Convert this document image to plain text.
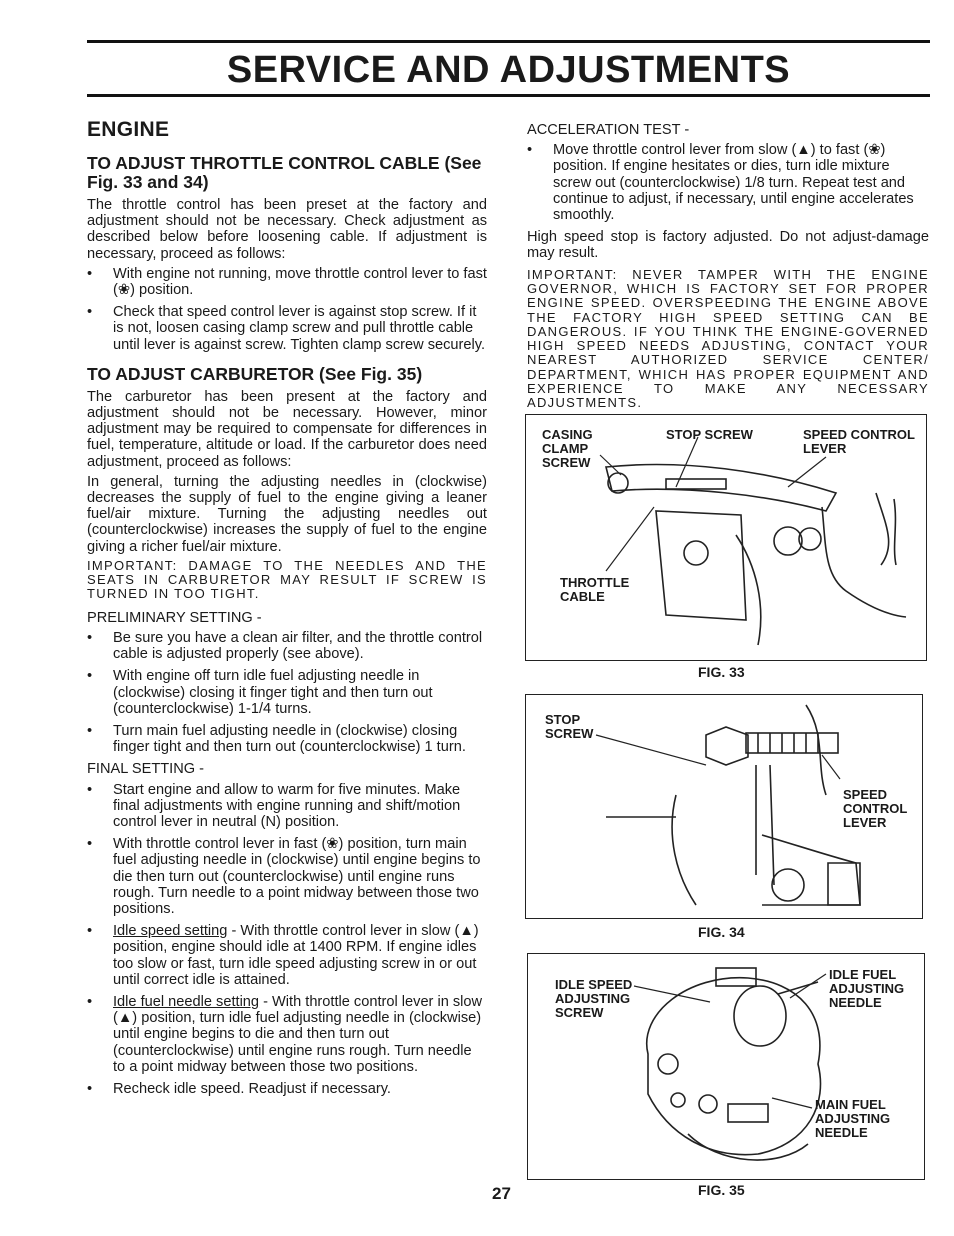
SERVICE AND ADJUSTMENTS
ENGINE
TO ADJUST THROTTLE CONTROL CABLE (See Fig. 33 and 34)

The throttle control has been preset at the factory and adjustment should not be necessary. Check adjustment as described below before loosening cable. If adjustment is necessary, proceed as follows:

• With engine not running, move throttle control lever to fast (❀) position.
• Check that speed control lever is against stop screw. If it is not, loosen casing clamp screw and pull throttle cable until lever is against screw. Tighten clamp screw securely.
TO ADJUST CARBURETOR (See Fig. 35)

The carburetor has been present at the factory and adjustment should not be necessary. However, minor adjustment may be required to compensate for differences in fuel, temperature, altitude or load. If the carburetor does need adjustment, proceed as follows:

In general, turning the adjusting needles in (clockwise) decreases the supply of fuel to the engine giving a leaner fuel/air mixture. Turning the adjusting needles out (counterclockwise) increases the supply of fuel to the engine giving a richer fuel/air mixture.

IMPORTANT: DAMAGE TO THE NEEDLES AND THE SEATS IN CARBURETOR MAY RESULT IF SCREW IS TURNED IN TOO TIGHT.

PRELIMINARY SETTING -

• Be sure you have a clean air filter, and the throttle control cable is adjusted properly (see above).
• With engine off turn idle fuel adjusting needle in (clockwise) closing it finger tight and then turn out (counterclockwise) 1-1/4 turns.
• Turn main fuel adjusting needle in (clockwise) closing finger tight and then turn out (counterclockwise) 1 turn.

FINAL SETTING -

• Start engine and allow to warm for five minutes. Make final adjustments with engine running and shift/motion control lever in neutral (N) position.
• With throttle control lever in fast (❀) position, turn main fuel adjusting needle in (clockwise) until engine begins to die then turn out (counterclockwise) until engine runs rough. Turn needle to a point midway between those two positions.
• Idle speed setting - With throttle control lever in slow (▲) position, engine should idle at 1400 RPM. If engine idles too slow or fast, turn idle speed adjusting screw in or out until correct idle is attained.
• Idle fuel needle setting - With throttle control lever in slow (▲) position, turn idle fuel adjusting needle in (clockwise) until engine begins to die and then turn out (counterclockwise) until engine runs rough. Turn needle to a point midway between those two positions.
• Recheck idle speed. Readjust if necessary.

ACCELERATION TEST -

• Move throttle control lever from slow (▲) to fast (❀) position. If engine hesitates or dies, turn idle mixture screw out (counterclockwise) 1/8 turn. Repeat test and continue to adjust, if necessary, until engine accelerates smoothly.

High speed stop is factory adjusted. Do not adjust-damage may result.

IMPORTANT: NEVER TAMPER WITH THE ENGINE GOVERNOR, WHICH IS FACTORY SET FOR PROPER ENGINE SPEED. OVERSPEEDING THE ENGINE ABOVE THE FACTORY HIGH SPEED SETTING CAN BE DANGEROUS. IF YOU THINK THE ENGINE-GOVERNED HIGH SPEED NEEDS ADJUSTING, CONTACT YOUR NEAREST AUTHORIZED SERVICE CENTER/ DEPARTMENT, WHICH HAS PROPER EQUIPMENT AND EXPERIENCE TO MAKE ANY NECESSARY ADJUSTMENTS.

CASING CLAMP SCREW
STOP SCREW	SPEED CONTROL LEVER
THROTTLE CABLE
FIG. 33
STOP SCREW
SPEED CONTROL LEVER
FIG. 34
IDLE SPEED ADJUSTING SCREW
IDLE FUEL ADJUSTING NEEDLE
MAIN FUEL ADJUSTING NEEDLE
FIG. 35
27
